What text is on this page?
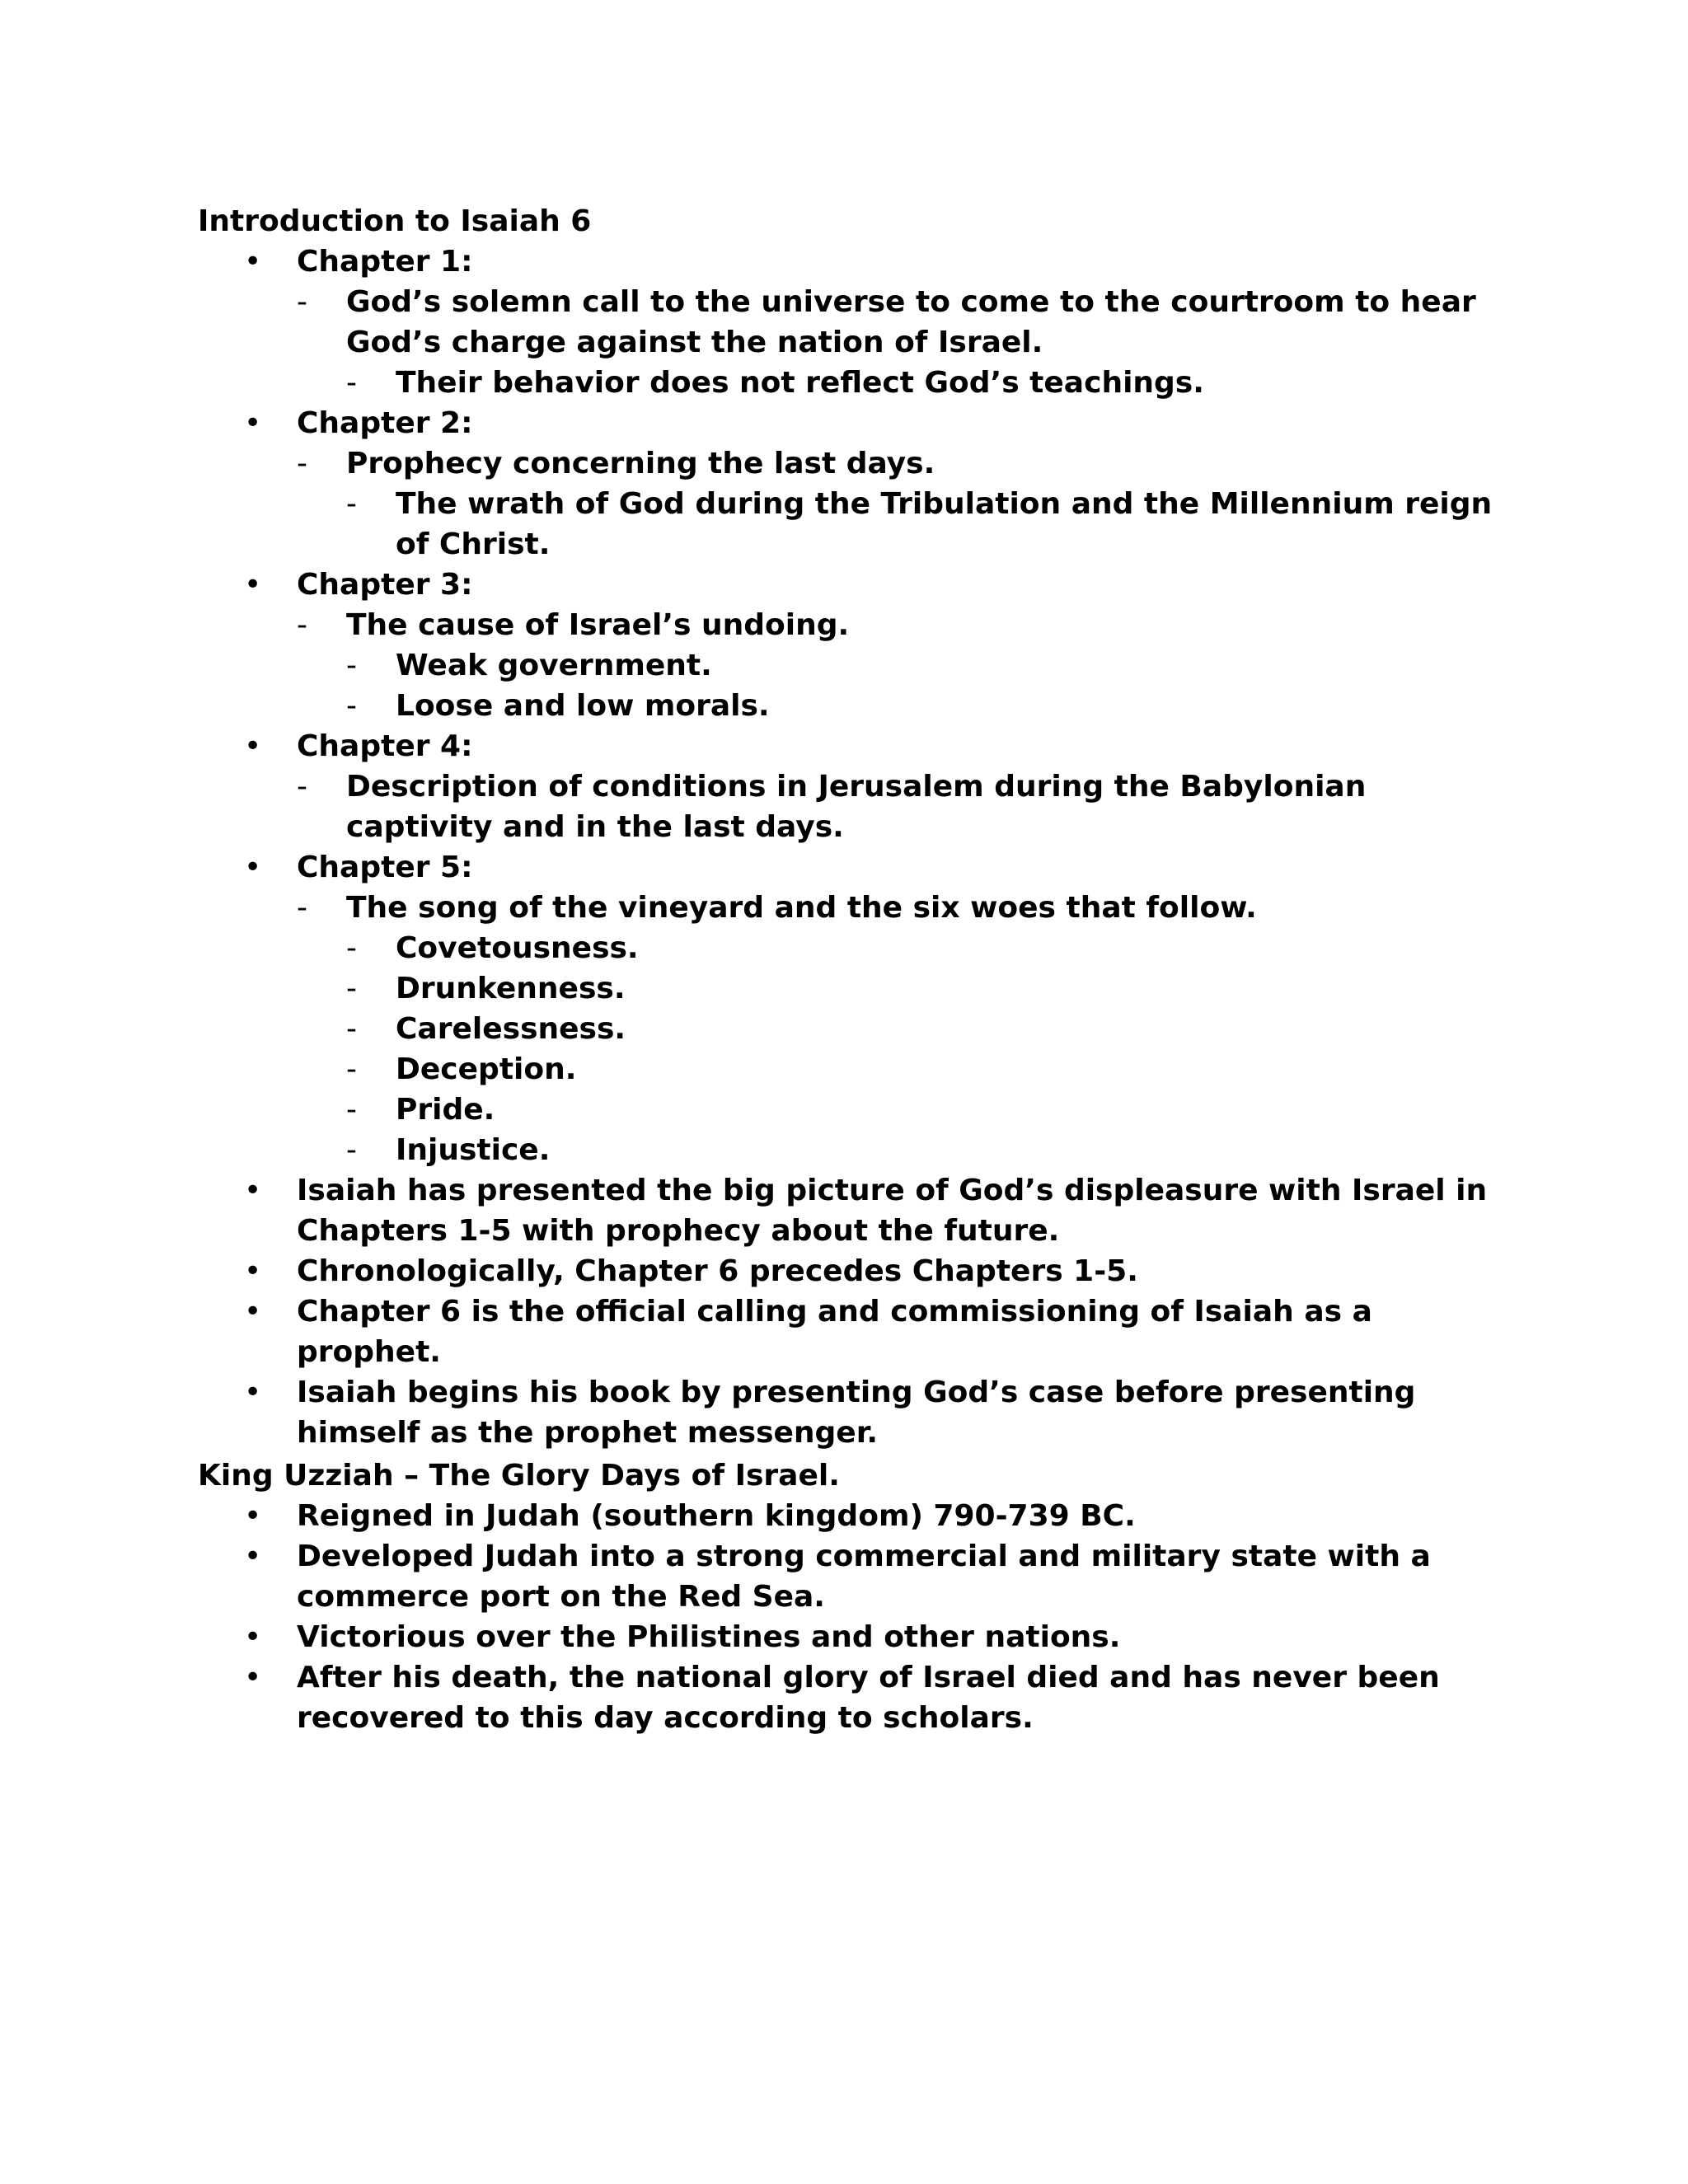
Introduction to Isaiah 6
• Chapter 1:
- God’s solemn call to the universe to come to the courtroom to hear God’s charge against the nation of Israel.
- Their behavior does not reflect God’s teachings.
• Chapter 2:
- Prophecy concerning the last days.
- The wrath of God during the Tribulation and the Millennium reign of Christ.
• Chapter 3:
- The cause of Israel’s undoing.
- Weak government.
- Loose and low morals.
• Chapter 4:
- Description of conditions in Jerusalem during the Babylonian captivity and in the last days.
• Chapter 5:
- The song of the vineyard and the six woes that follow.
- Covetousness.
- Drunkenness.
- Carelessness.
- Deception.
- Pride.
- Injustice.
• Isaiah has presented the big picture of God’s displeasure with Israel in Chapters 1-5 with prophecy about the future.
• Chronologically, Chapter 6 precedes Chapters 1-5.
• Chapter 6 is the official calling and commissioning of Isaiah as a prophet.
• Isaiah begins his book by presenting God’s case before presenting himself as the prophet messenger.
King Uzziah – The Glory Days of Israel.
• Reigned in Judah (southern kingdom) 790-739 BC.
• Developed Judah into a strong commercial and military state with a commerce port on the Red Sea.
• Victorious over the Philistines and other nations.
• After his death, the national glory of Israel died and has never been recovered to this day according to scholars.
